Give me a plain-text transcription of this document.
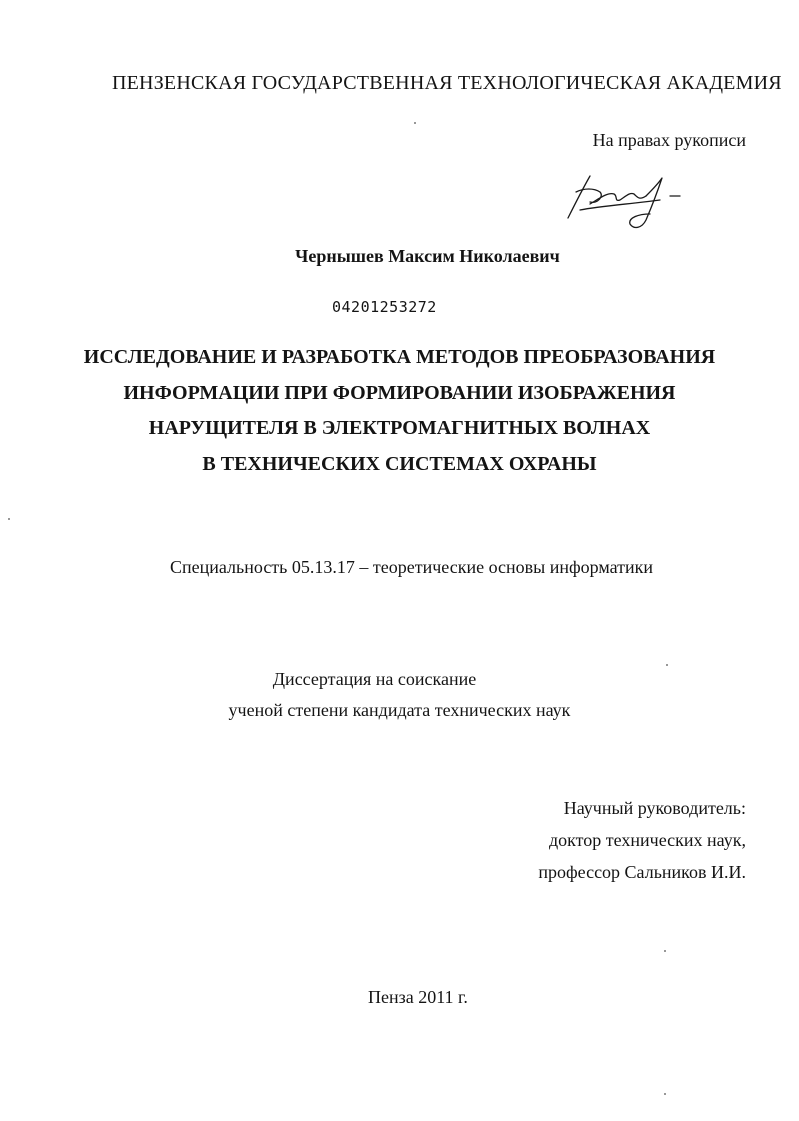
ПЕНЗЕНСКАЯ ГОСУДАРСТВЕННАЯ ТЕХНОЛОГИЧЕСКАЯ АКАДЕМИЯ
На правах рукописи
Чернышев Максим Николаевич
04201253272
ИССЛЕДОВАНИЕ И РАЗРАБОТКА МЕТОДОВ ПРЕОБРАЗОВАНИЯ
ИНФОРМАЦИИ ПРИ ФОРМИРОВАНИИ ИЗОБРАЖЕНИЯ
НАРУЩИТЕЛЯ В ЭЛЕКТРОМАГНИТНЫХ ВОЛНАХ
В ТЕХНИЧЕСКИХ СИСТЕМАХ ОХРАНЫ
Специальность 05.13.17 – теоретические основы информатики
Диссертация на соискание
ученой степени кандидата технических наук
Научный руководитель:
доктор технических наук,
профессор Сальников И.И.
Пенза 2011 г.
